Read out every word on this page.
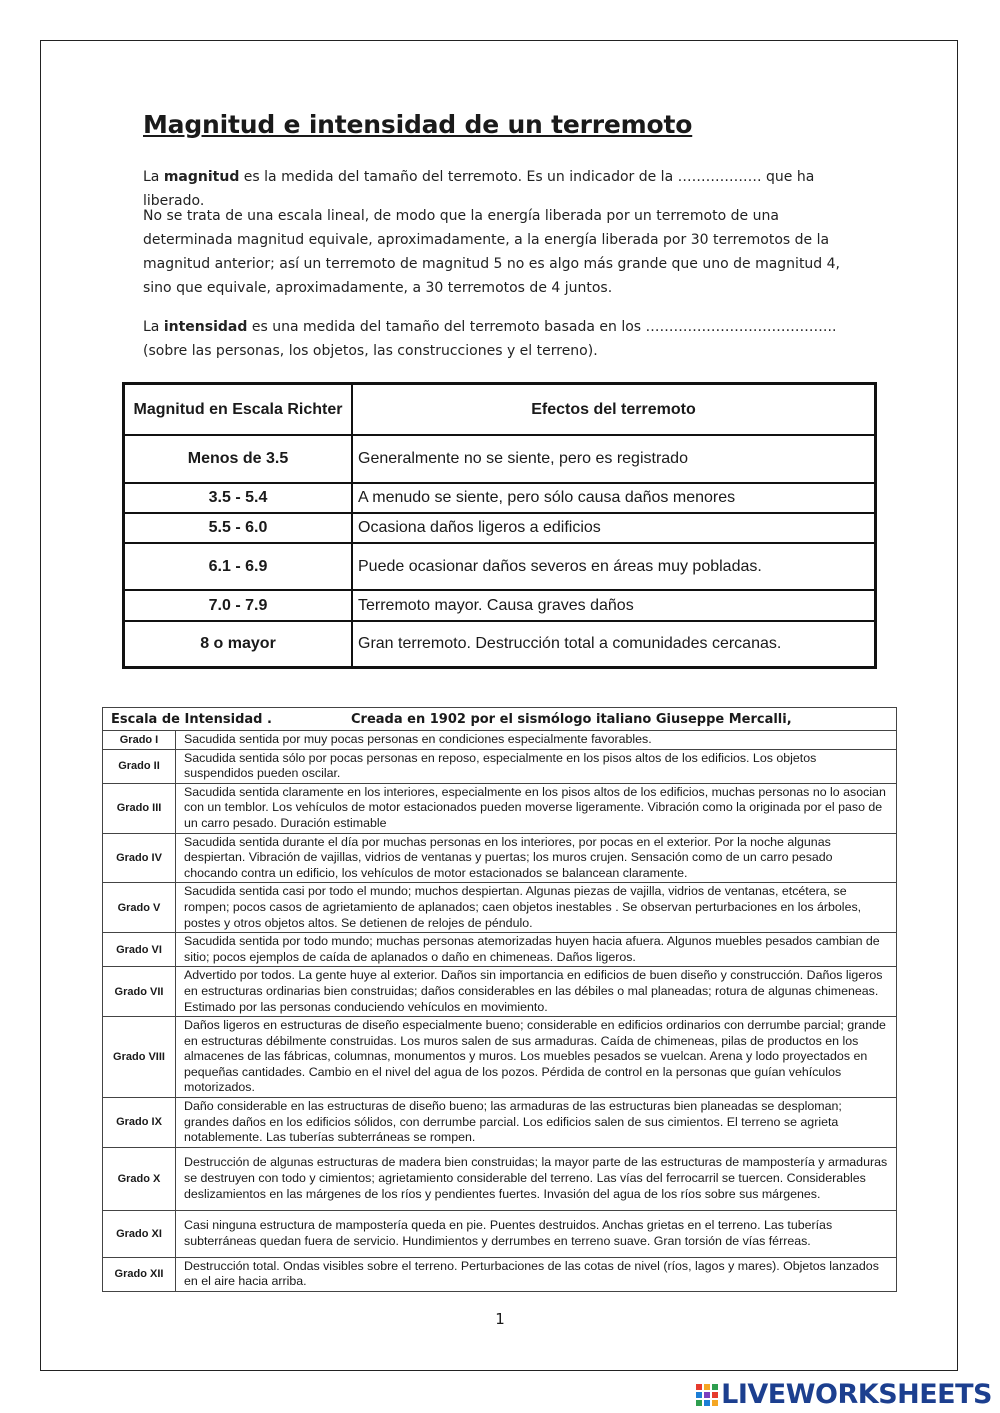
Magnitud e intensidad de un terremoto

La magnitud es la medida del tamaño del terremoto. Es un indicador de la ……………… que ha liberado.

No se trata de una escala lineal, de modo que la energía liberada por un terremoto de una determinada magnitud equivale, aproximadamente, a la energía liberada por 30 terremotos de la magnitud anterior; así un terremoto de magnitud 5 no es algo más grande que uno de magnitud 4, sino que equivale, aproximadamente, a 30 terremotos de 4 juntos.

La intensidad es una medida del tamaño del terremoto basada en los ………………………………….. (sobre las personas, los objetos, las construcciones y el terreno).

Magnitud en Escala Richter	Efectos del terremoto
Menos de 3.5	Generalmente no se siente, pero es registrado
3.5 - 5.4	A menudo se siente, pero sólo causa daños menores
5.5 - 6.0	Ocasiona daños ligeros a edificios
6.1 - 6.9	Puede ocasionar daños severos en áreas muy pobladas.
7.0 - 7.9	Terremoto mayor. Causa graves daños
8 o mayor	Gran terremoto. Destrucción total a comunidades cercanas.
Escala de Intensidad . Creada en 1902 por el sismólogo italiano Giuseppe Mercalli,	
Grado I	Sacudida sentida por muy pocas personas en condiciones especialmente favorables.
Grado II	Sacudida sentida sólo por pocas personas en reposo, especialmente en los pisos altos de los edificios. Los objetos suspendidos pueden oscilar.
Grado III	Sacudida sentida claramente en los interiores, especialmente en los pisos altos de los edificios, muchas personas no lo asocian con un temblor. Los vehículos de motor estacionados pueden moverse ligeramente. Vibración como la originada por el paso de un carro pesado. Duración estimable
Grado IV	Sacudida sentida durante el día por muchas personas en los interiores, por pocas en el exterior. Por la noche algunas despiertan. Vibración de vajillas, vidrios de ventanas y puertas; los muros crujen. Sensación como de un carro pesado chocando contra un edificio, los vehículos de motor estacionados se balancean claramente.
Grado V	Sacudida sentida casi por todo el mundo; muchos despiertan. Algunas piezas de vajilla, vidrios de ventanas, etcétera, se rompen; pocos casos de agrietamiento de aplanados; caen objetos inestables . Se observan perturbaciones en los árboles, postes y otros objetos altos. Se detienen de relojes de péndulo.
Grado VI	Sacudida sentida por todo mundo; muchas personas atemorizadas huyen hacia afuera. Algunos muebles pesados cambian de sitio; pocos ejemplos de caída de aplanados o daño en chimeneas. Daños ligeros.
Grado VII	Advertido por todos. La gente huye al exterior. Daños sin importancia en edificios de buen diseño y construcción. Daños ligeros en estructuras ordinarias bien construidas; daños considerables en las débiles o mal planeadas; rotura de algunas chimeneas. Estimado por las personas conduciendo vehículos en movimiento.
Grado VIII	Daños ligeros en estructuras de diseño especialmente bueno; considerable en edificios ordinarios con derrumbe parcial; grande en estructuras débilmente construidas. Los muros salen de sus armaduras. Caída de chimeneas, pilas de productos en los almacenes de las fábricas, columnas, monumentos y muros. Los muebles pesados se vuelcan. Arena y lodo proyectados en pequeñas cantidades. Cambio en el nivel del agua de los pozos. Pérdida de control en la personas que guían vehículos motorizados.
Grado IX	Daño considerable en las estructuras de diseño bueno; las armaduras de las estructuras bien planeadas se desploman; grandes daños en los edificios sólidos, con derrumbe parcial. Los edificios salen de sus cimientos. El terreno se agrieta notablemente. Las tuberías subterráneas se rompen.
Grado X	Destrucción de algunas estructuras de madera bien construidas; la mayor parte de las estructuras de mampostería y armaduras se destruyen con todo y cimientos; agrietamiento considerable del terreno. Las vías del ferrocarril se tuercen. Considerables deslizamientos en las márgenes de los ríos y pendientes fuertes. Invasión del agua de los ríos sobre sus márgenes.
Grado XI	Casi ninguna estructura de mampostería queda en pie. Puentes destruidos. Anchas grietas en el terreno. Las tuberías subterráneas quedan fuera de servicio. Hundimientos y derrumbes en terreno suave. Gran torsión de vías férreas.
Grado XII	Destrucción total. Ondas visibles sobre el terreno. Perturbaciones de las cotas de nivel (ríos, lagos y mares). Objetos lanzados en el aire hacia arriba.
1
LIVEWORKSHEETS
